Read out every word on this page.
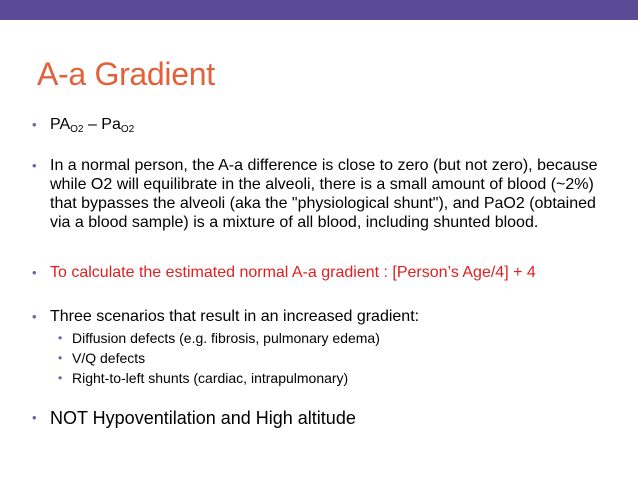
A-a Gradient
• $PA_{O2} - Pa_{O2}$
• In a normal person, the A-a difference is close to zero (but not zero), because while O2 will equilibrate in the alveoli, there is a small amount of blood (~2%) that bypasses the alveoli (aka the "physiological shunt"), and PaO2 (obtained via a blood sample) is a mixture of all blood, including shunted blood.
• To calculate the estimated normal A-a gradient : [Person’s Age/4] + 4
• Three scenarios that result in an increased gradient:
• Diffusion defects (e.g. fibrosis, pulmonary edema)
• V/Q defects
• Right-to-left shunts (cardiac, intrapulmonary)
• NOT Hypoventilation and High altitude
